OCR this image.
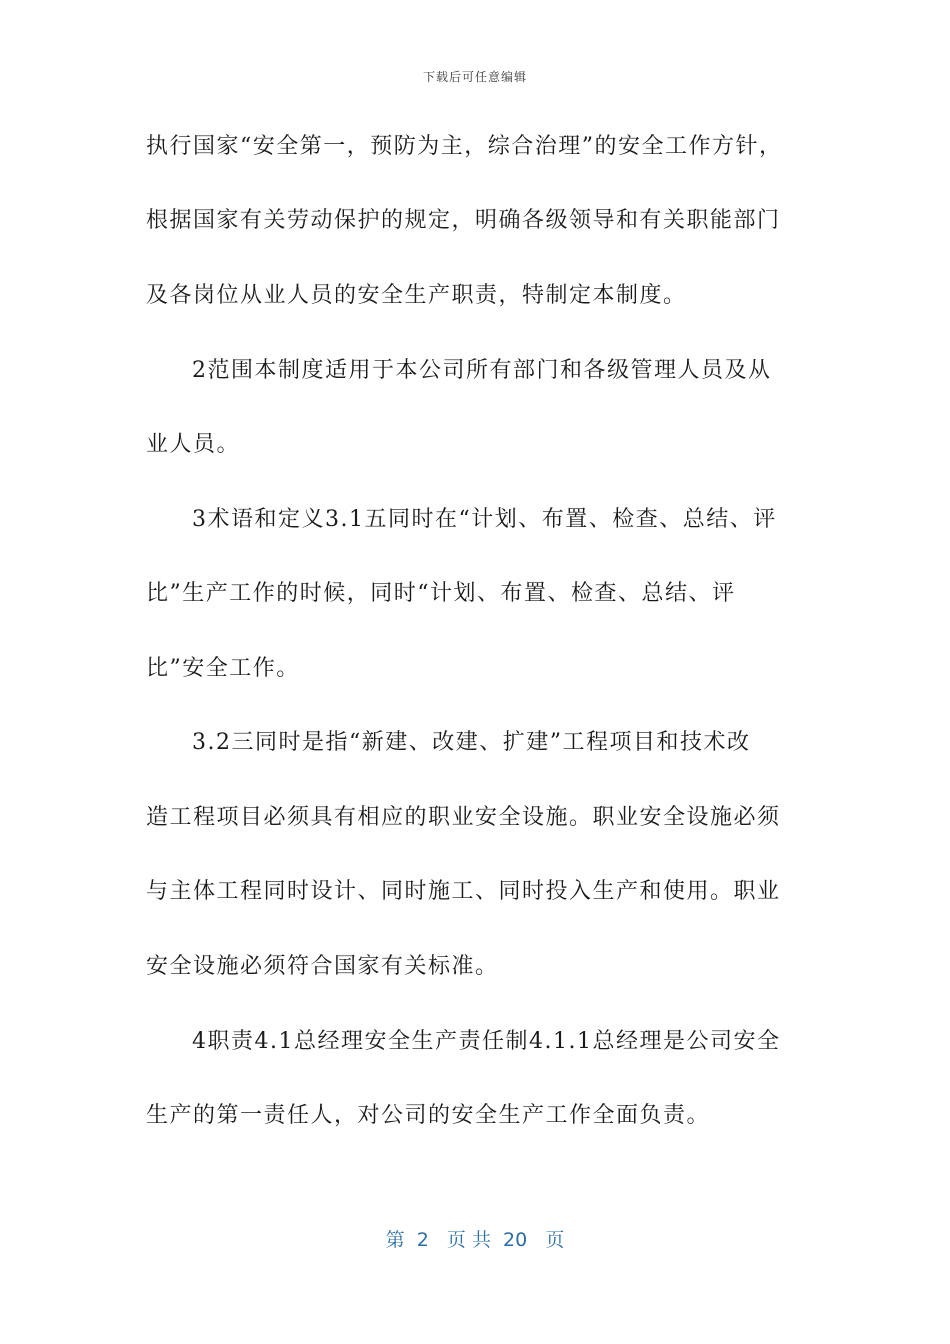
下载后可任意编辑
执行国家“安全第一，预防为主，综合治理”的安全工作方针，
根据国家有关劳动保护的规定，明确各级领导和有关职能部门
及各岗位从业人员的安全生产职责，特制定本制度。
2范围本制度适用于本公司所有部门和各级管理人员及从
业人员。
3术语和定义3.1五同时在“计划、布置、检查、总结、评
比”生产工作的时候，同时“计划、布置、检查、总结、评
比”安全工作。
3.2三同时是指“新建、改建、扩建”工程项目和技术改
造工程项目必须具有相应的职业安全设施。职业安全设施必须
与主体工程同时设计、同时施工、同时投入生产和使用。职业
安全设施必须符合国家有关标准。
4职责4.1总经理安全生产责任制4.1.1总经理是公司安全
生产的第一责任人，对公司的安全生产工作全面负责。
第  2   页 共  20   页
